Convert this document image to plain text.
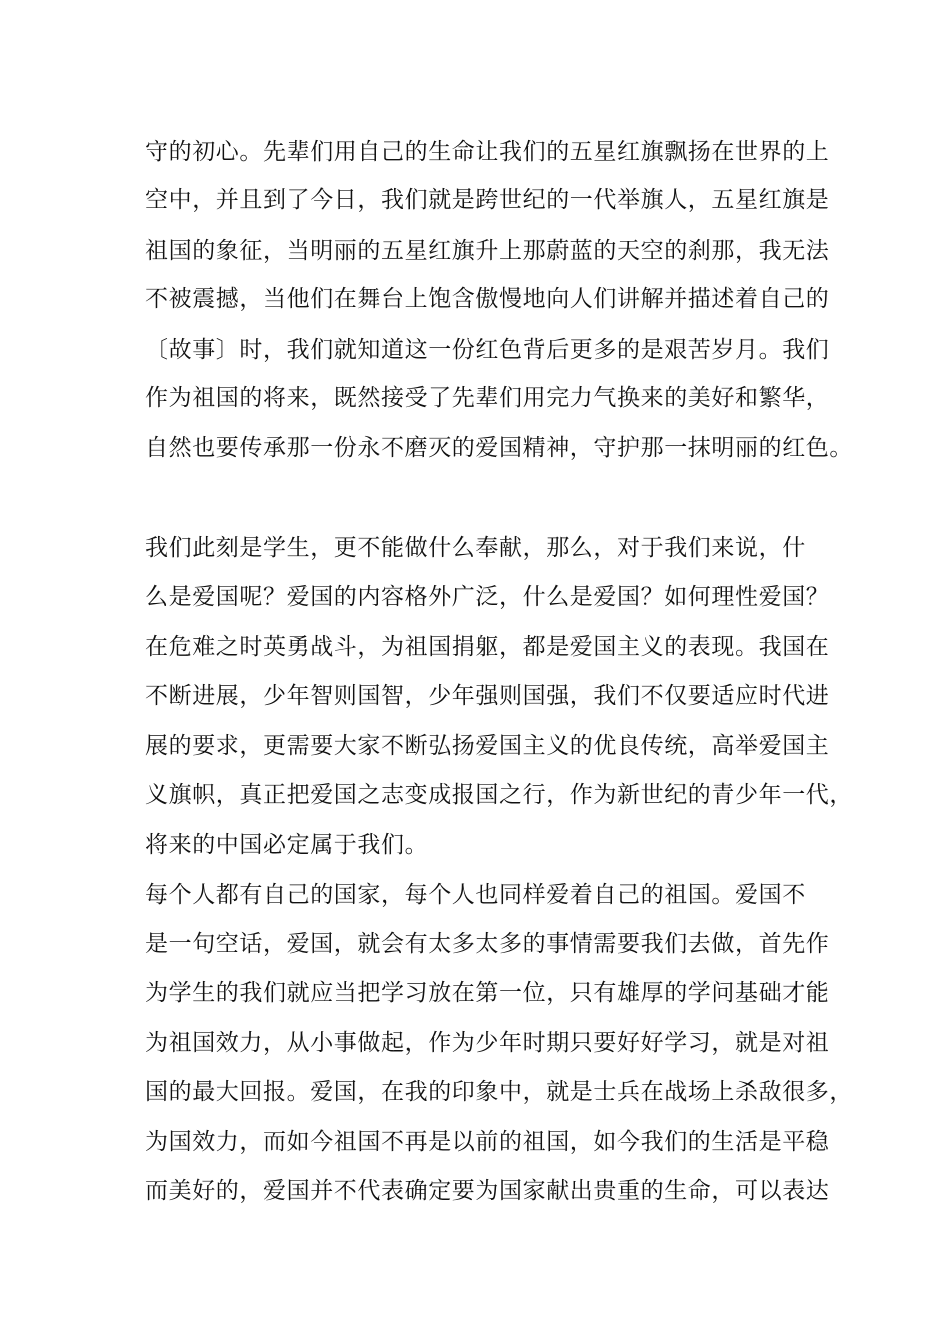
守的初心。先辈们用自己的生命让我们的五星红旗飘扬在世界的上
空中，并且到了今日，我们就是跨世纪的一代举旗人，五星红旗是
祖国的象征，当明丽的五星红旗升上那蔚蓝的天空的刹那，我无法
不被震撼，当他们在舞台上饱含傲慢地向人们讲解并描述着自己的
〔故事〕时，我们就知道这一份红色背后更多的是艰苦岁月。我们
作为祖国的将来，既然接受了先辈们用完力气换来的美好和繁华，
自然也要传承那一份永不磨灭的爱国精神，守护那一抹明丽的红色。
我们此刻是学生，更不能做什么奉献，那么，对于我们来说，什
么是爱国呢？爱国的内容格外广泛，什么是爱国？如何理性爱国？
在危难之时英勇战斗，为祖国捐躯，都是爱国主义的表现。我国在
不断进展，少年智则国智，少年强则国强，我们不仅要适应时代进
展的要求，更需要大家不断弘扬爱国主义的优良传统，高举爱国主
义旗帜，真正把爱国之志变成报国之行，作为新世纪的青少年一代，
将来的中国必定属于我们。
每个人都有自己的国家，每个人也同样爱着自己的祖国。爱国不
是一句空话，爱国，就会有太多太多的事情需要我们去做，首先作
为学生的我们就应当把学习放在第一位，只有雄厚的学问基础才能
为祖国效力，从小事做起，作为少年时期只要好好学习，就是对祖
国的最大回报。爱国，在我的印象中，就是士兵在战场上杀敌很多，
为国效力，而如今祖国不再是以前的祖国，如今我们的生活是平稳
而美好的，爱国并不代表确定要为国家献出贵重的生命，可以表达
